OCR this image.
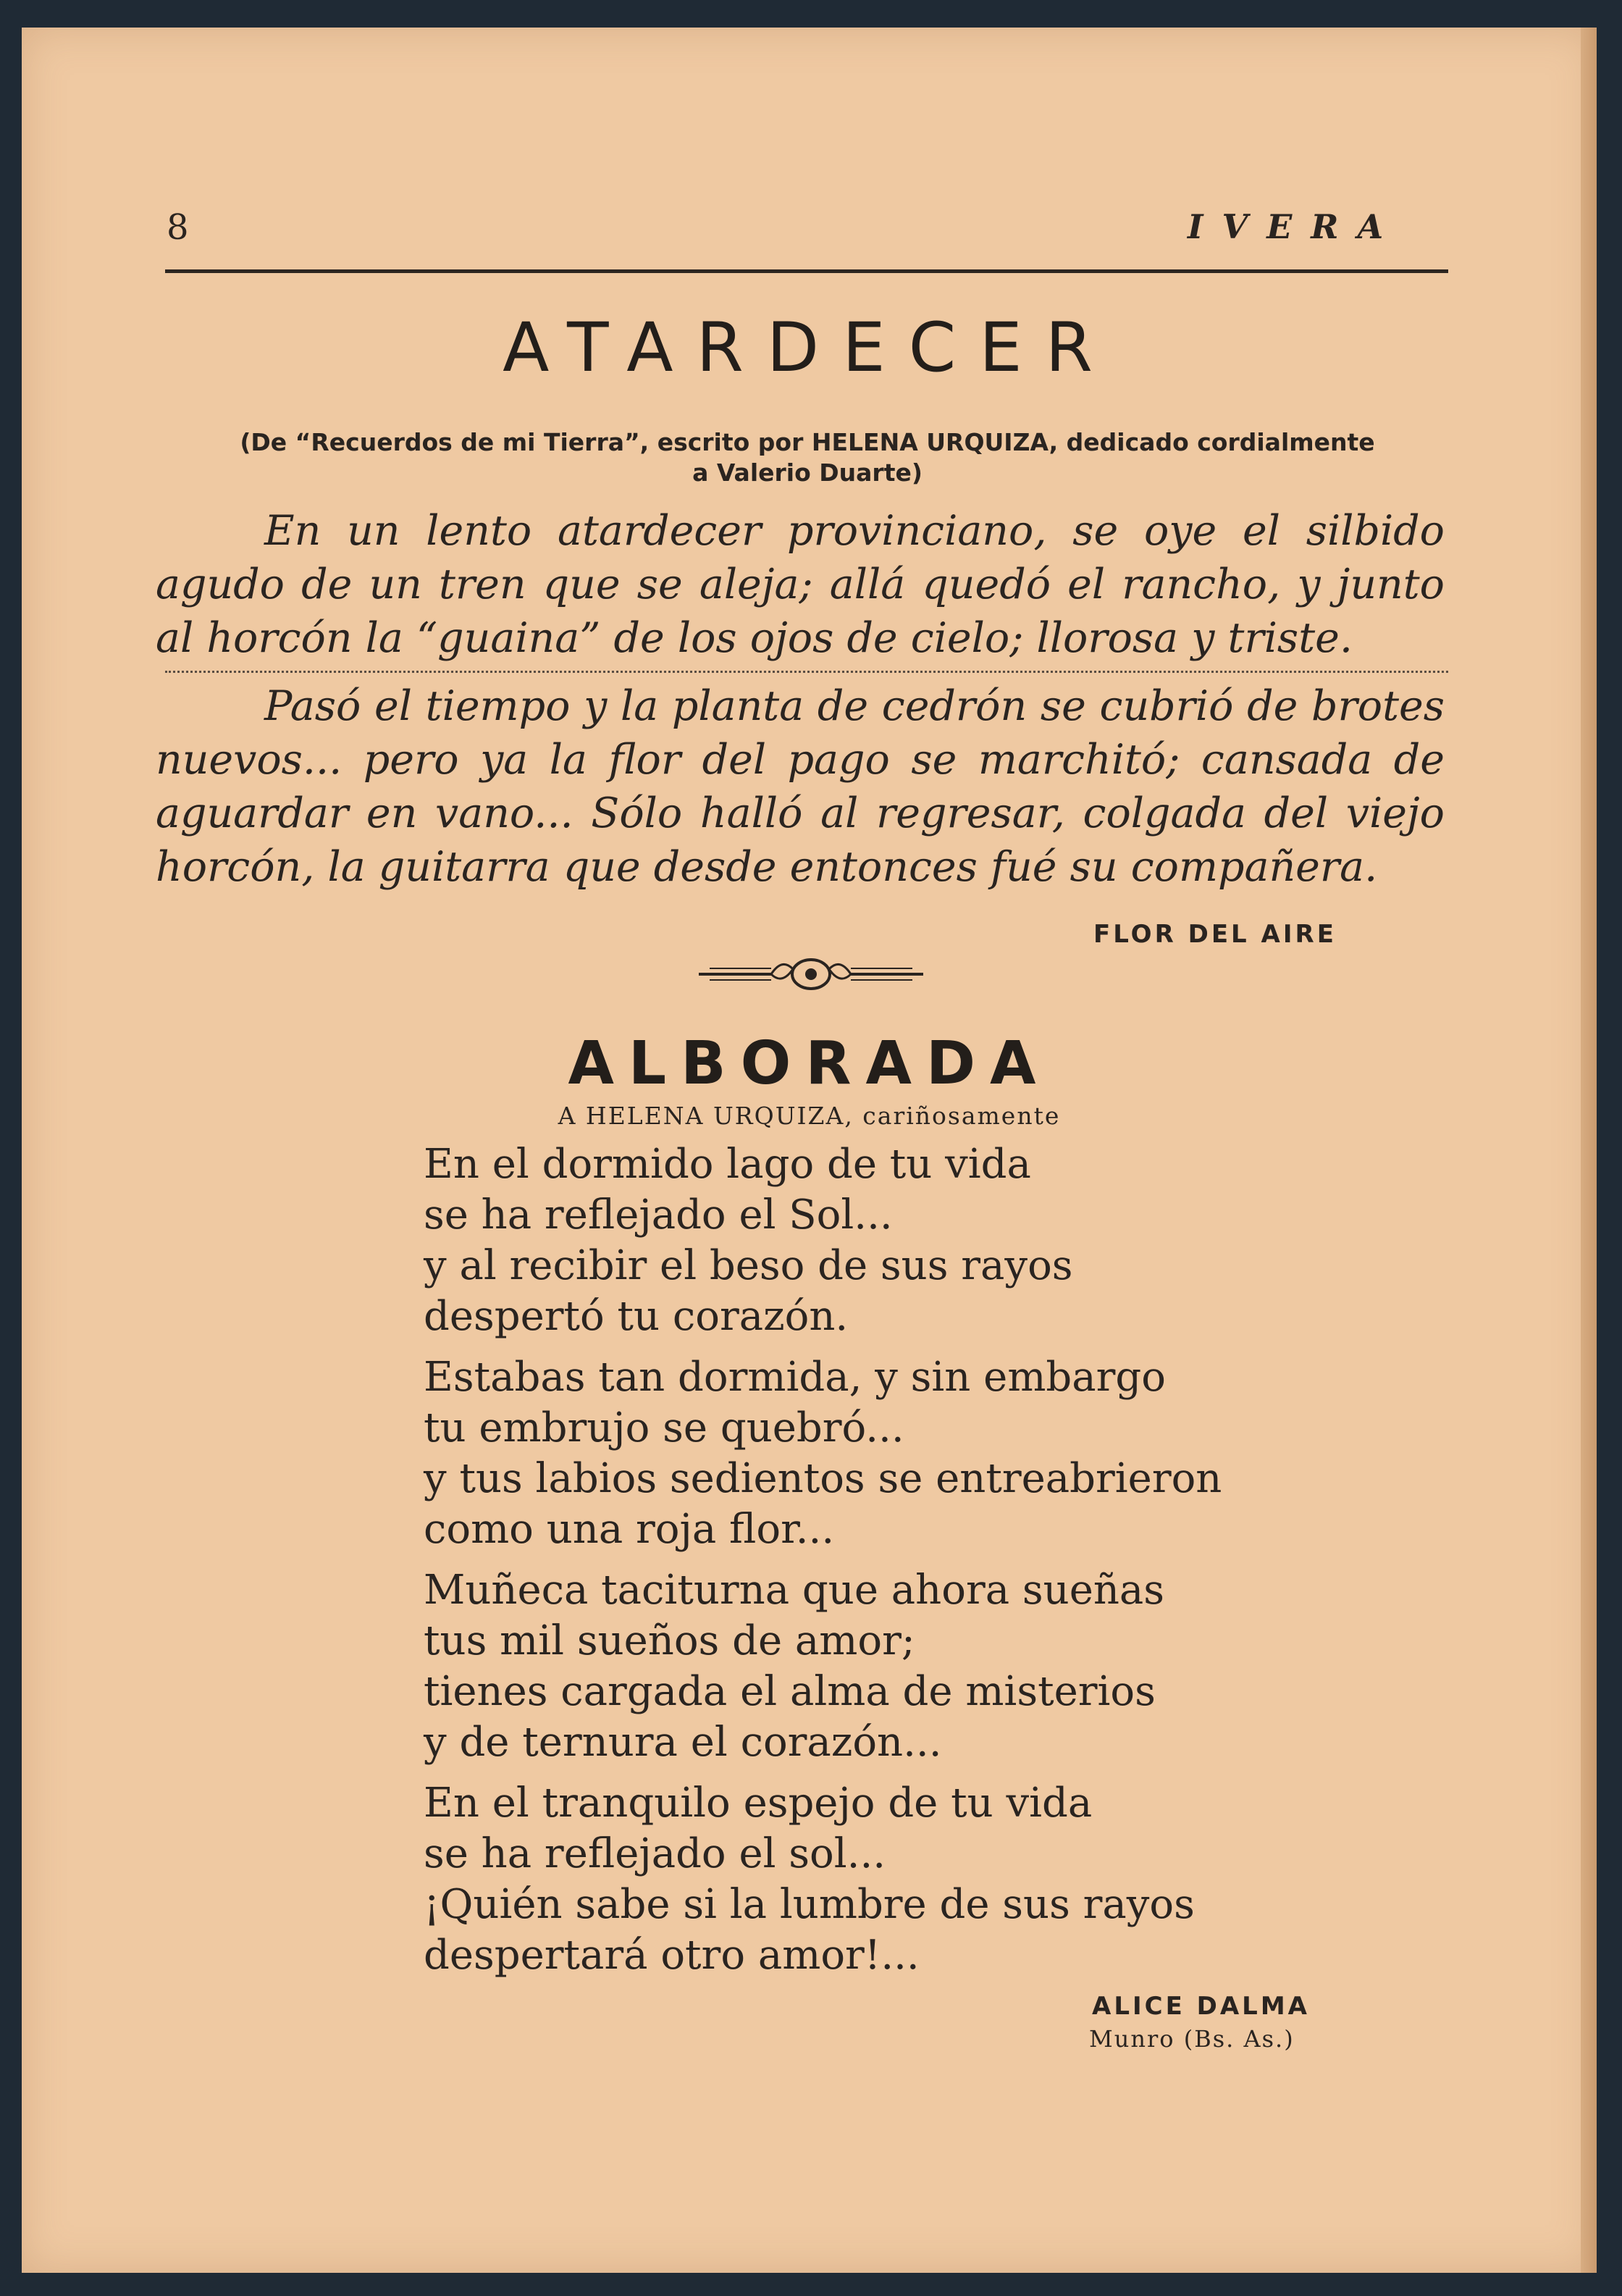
8	IVERA
ATARDECER
(De “Recuerdos de mi Tierra”, escrito por HELENA URQUIZA, dedicado cordialmente
a Valerio Duarte)
En un lento atardecer provinciano, se oye el silbido agudo de un tren que se aleja; allá quedó el rancho, y junto al horcón la “guaina” de los ojos de cielo; llorosa y triste.
Pasó el tiempo y la planta de cedrón se cubrió de brotes nuevos... pero ya la flor del pago se marchitó; cansada de aguardar en vano... Sólo halló al regresar, colgada del viejo horcón, la guitarra que desde entonces fué su compañera.
FLOR DEL AIRE
ALBORADA
A HELENA URQUIZA, cariñosamente
En el dormido lago de tu vida
se ha reflejado el Sol...
y al recibir el beso de sus rayos
despertó tu corazón.
Estabas tan dormida, y sin embargo
tu embrujo se quebró...
y tus labios sedientos se entreabrieron
como una roja flor...
Muñeca taciturna que ahora sueñas
tus mil sueños de amor;
tienes cargada el alma de misterios
y de ternura el corazón...
En el tranquilo espejo de tu vida
se ha reflejado el sol...
¡Quién sabe si la lumbre de sus rayos
despertará otro amor!...
ALICE DALMA
Munro (Bs. As.)
